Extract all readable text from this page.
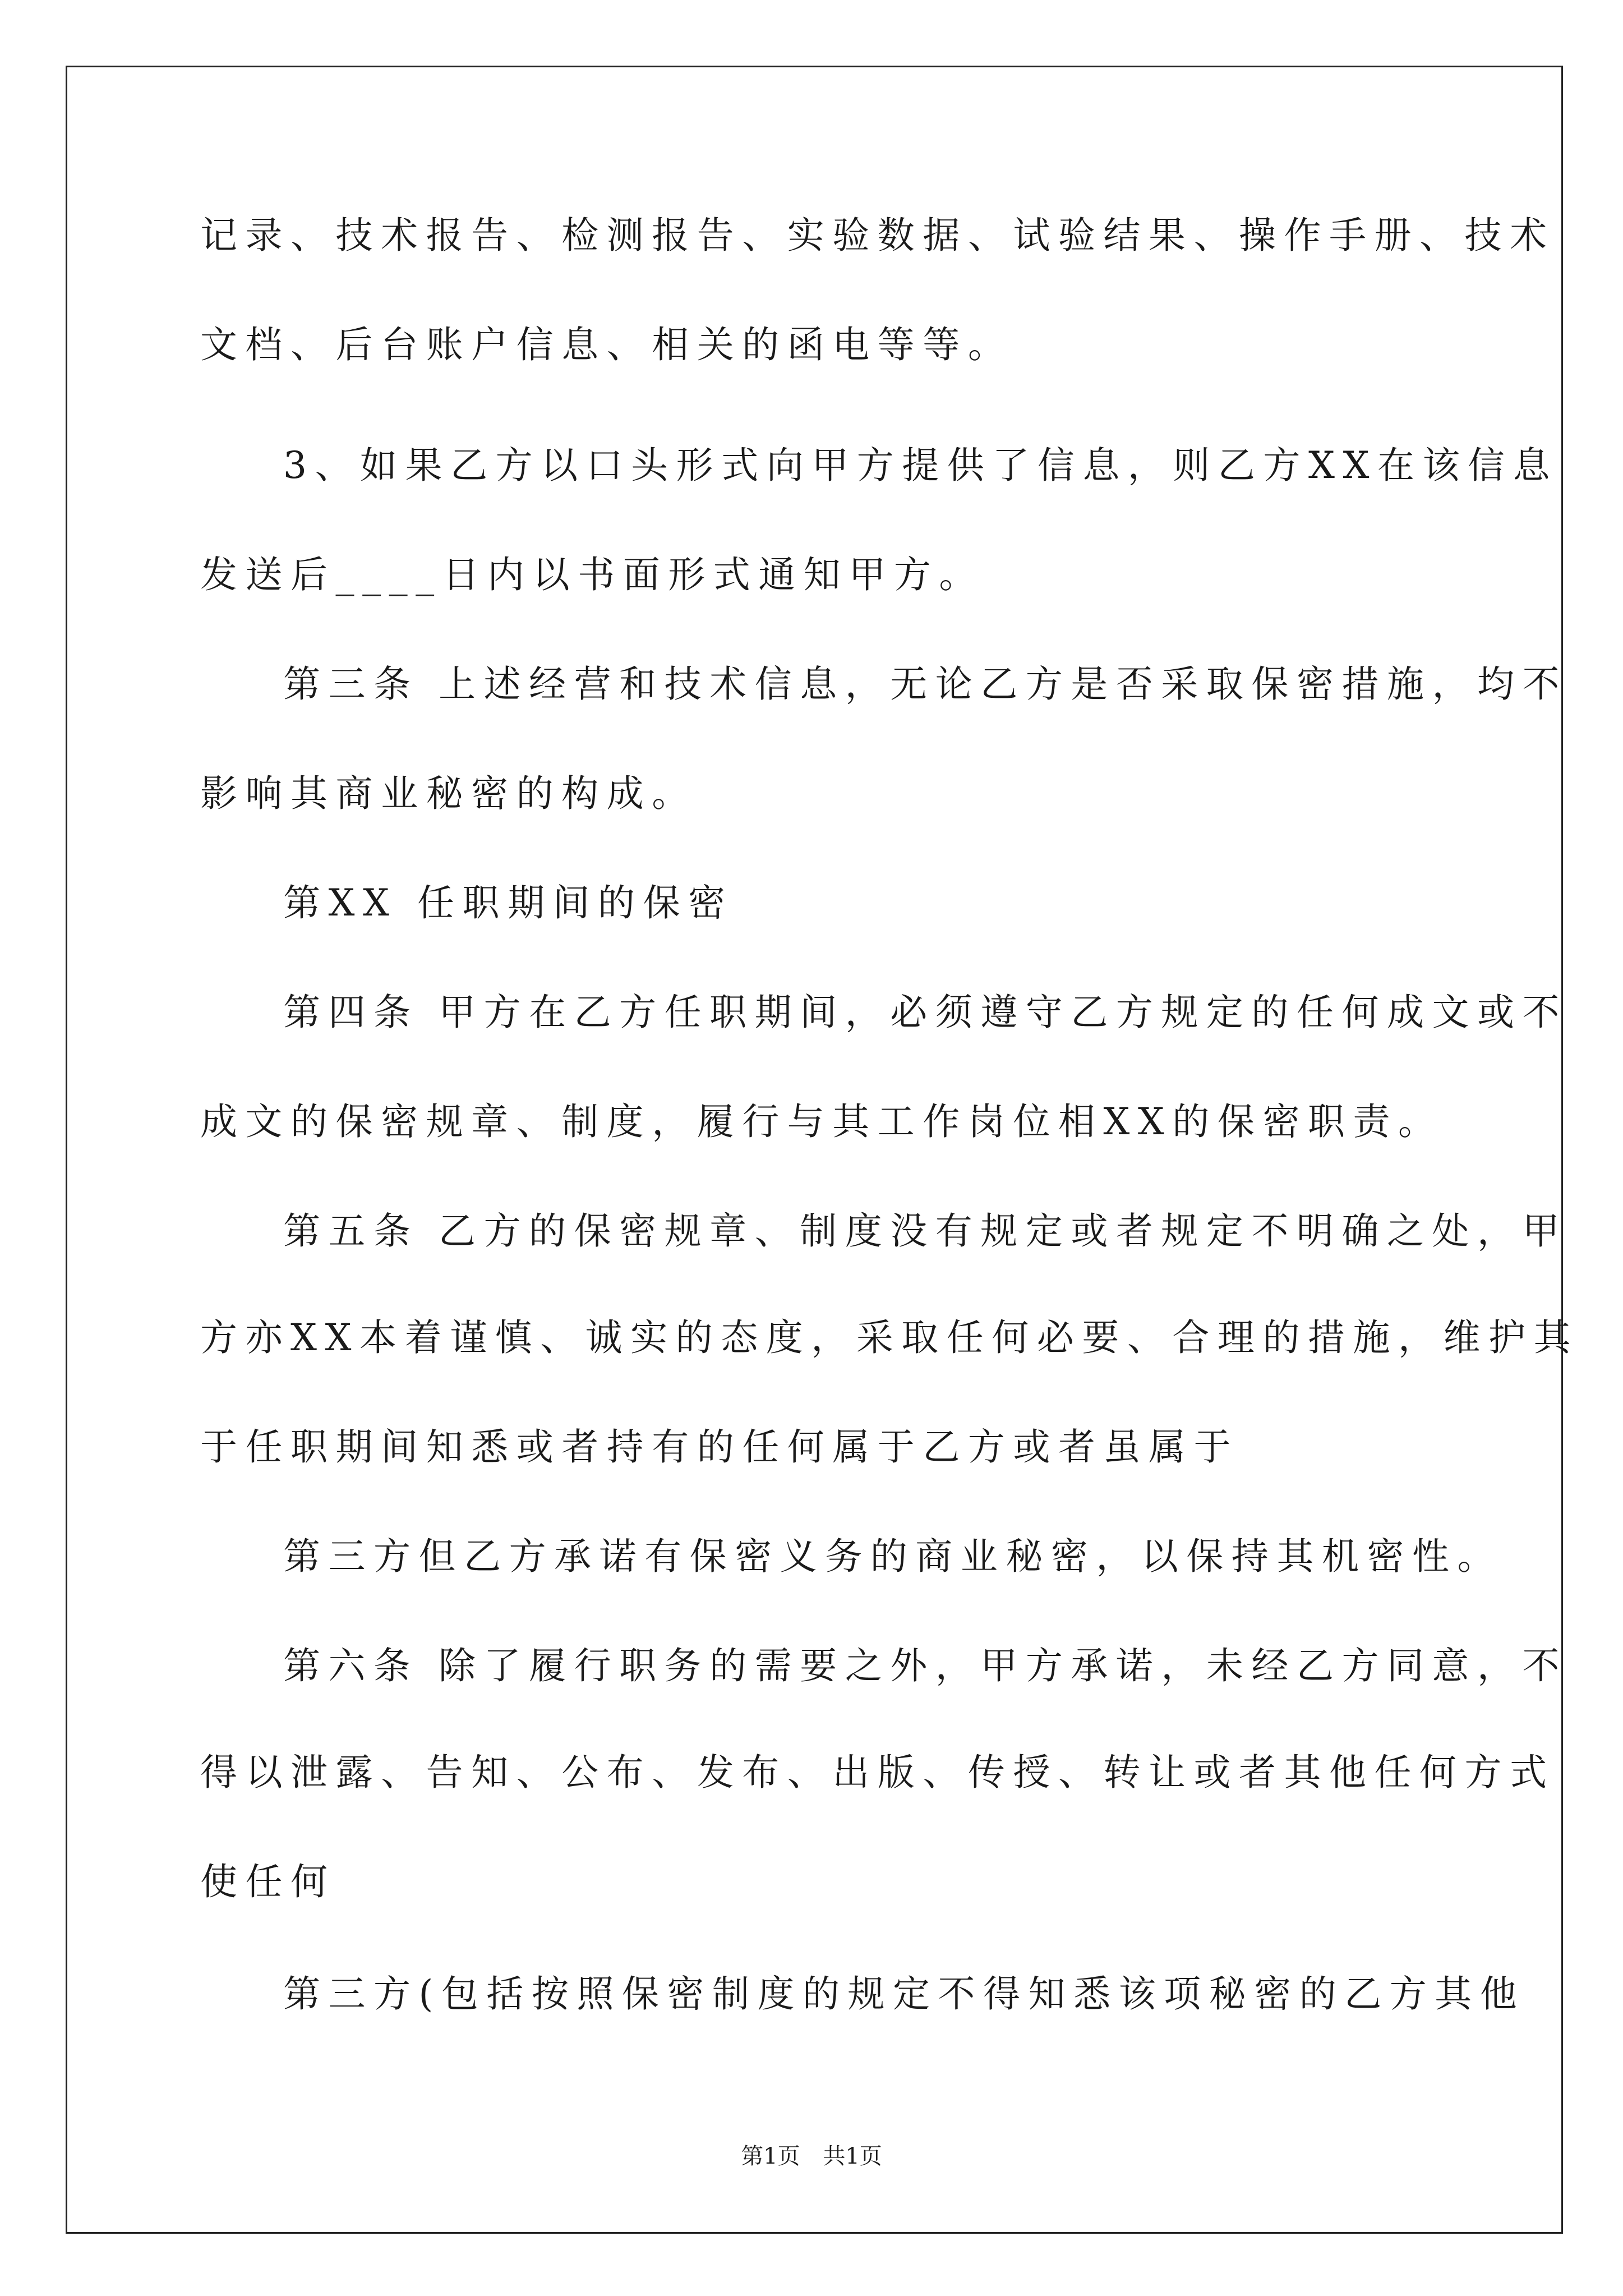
记录、技术报告、检测报告、实验数据、试验结果、操作手册、技术
文档、后台账户信息、相关的函电等等。
3、如果乙方以口头形式向甲方提供了信息，则乙方XX在该信息
发送后____日内以书面形式通知甲方。
第三条 上述经营和技术信息，无论乙方是否采取保密措施，均不
影响其商业秘密的构成。
第XX 任职期间的保密
第四条 甲方在乙方任职期间，必须遵守乙方规定的任何成文或不
成文的保密规章、制度，履行与其工作岗位相XX的保密职责。
第五条 乙方的保密规章、制度没有规定或者规定不明确之处，甲
方亦XX本着谨慎、诚实的态度，采取任何必要、合理的措施，维护其
于任职期间知悉或者持有的任何属于乙方或者虽属于
第三方但乙方承诺有保密义务的商业秘密，以保持其机密性。
第六条 除了履行职务的需要之外，甲方承诺，未经乙方同意，不
得以泄露、告知、公布、发布、出版、传授、转让或者其他任何方式
使任何
第三方(包括按照保密制度的规定不得知悉该项秘密的乙方其他
第1页 共1页
